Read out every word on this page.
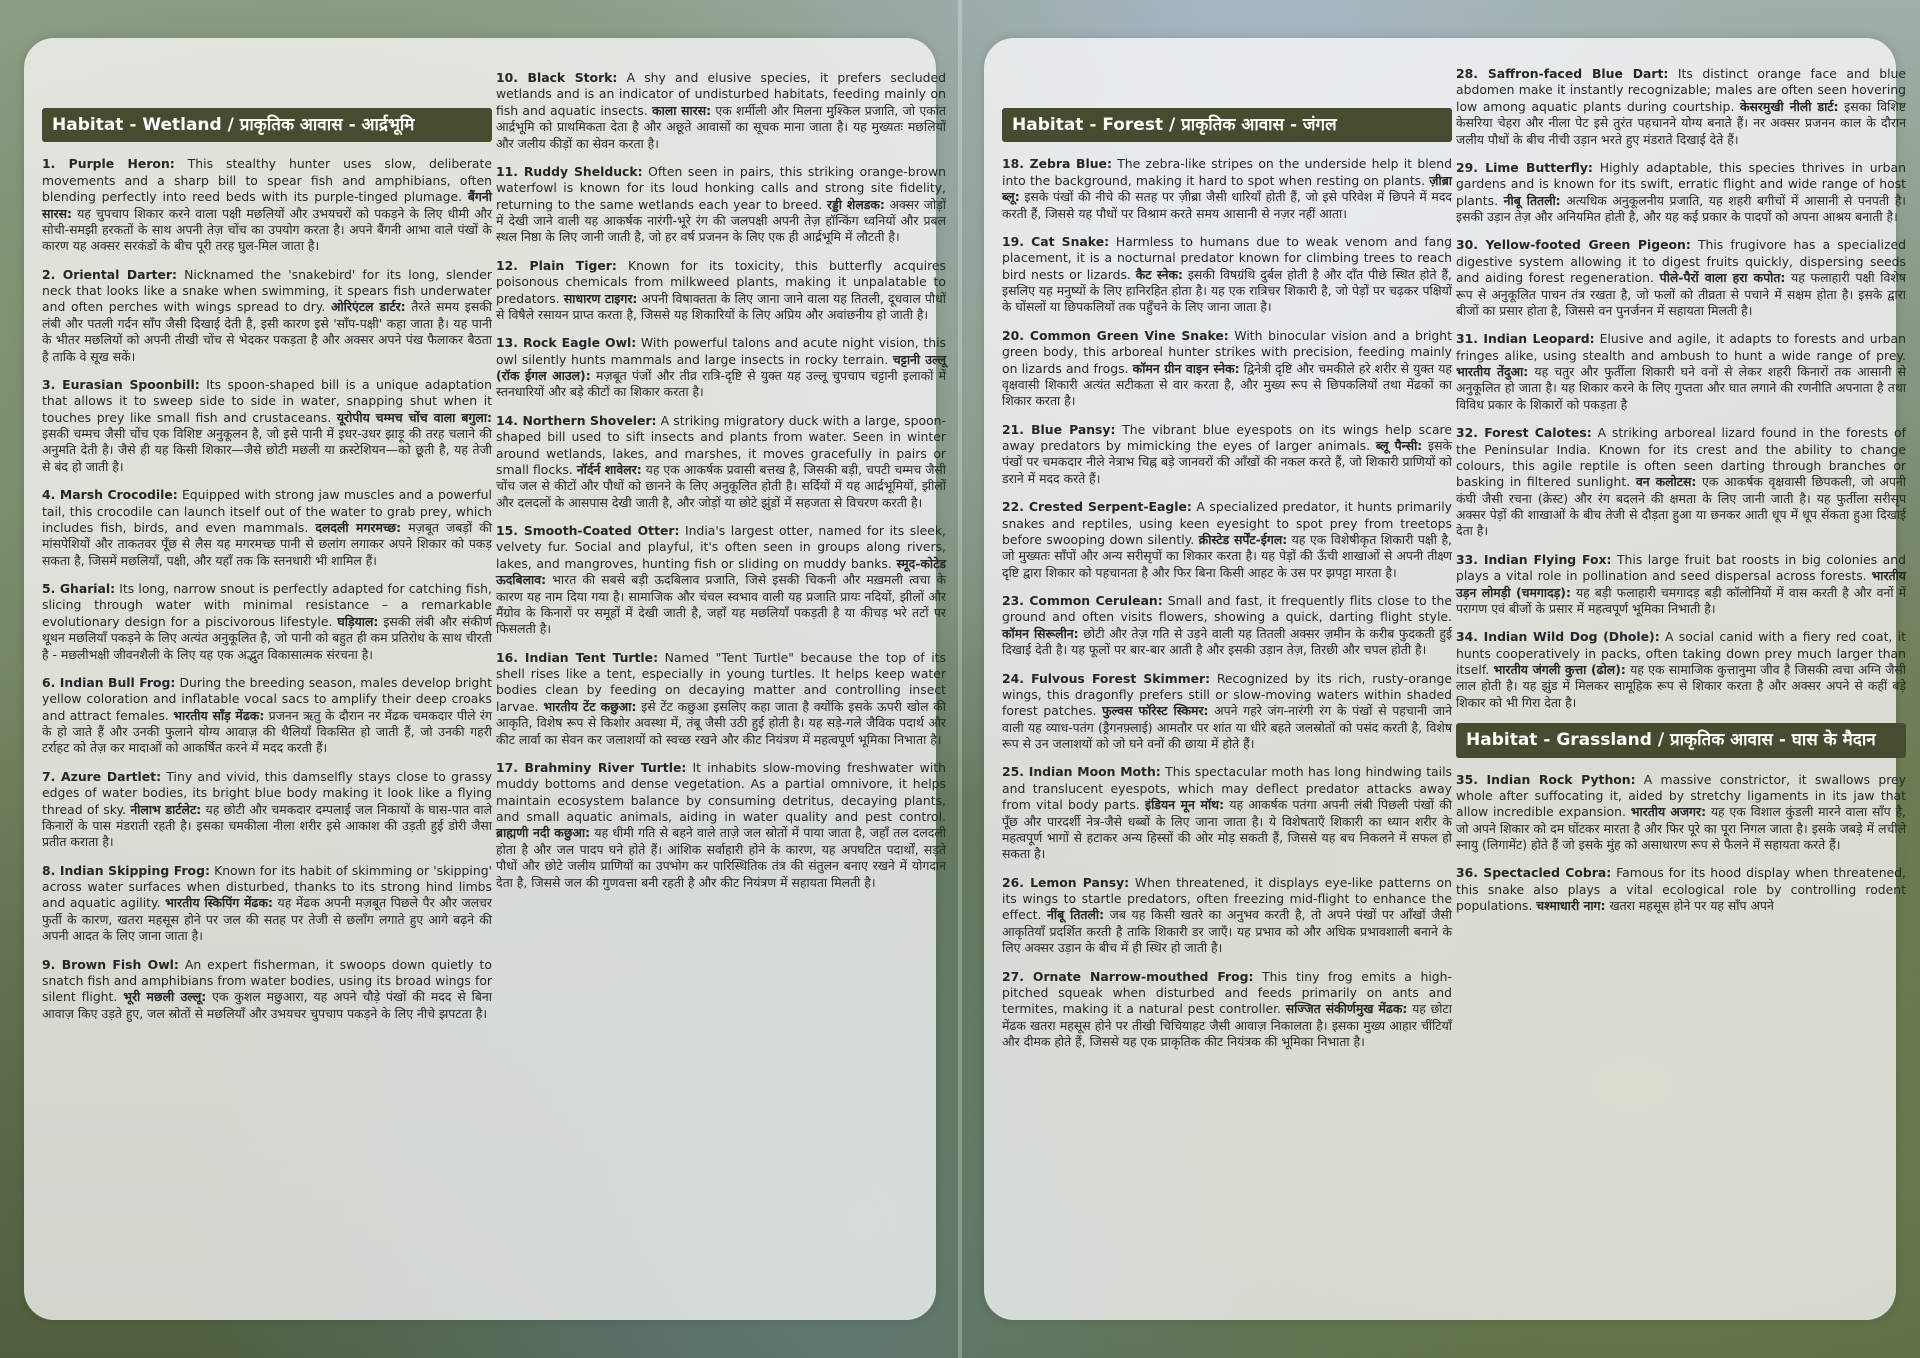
Habitat - Wetland / प्राकृतिक आवास - आर्द्रभूमि

1. Purple Heron: This stealthy hunter uses slow, deliberate movements and a sharp bill to spear fish and amphibians, often blending perfectly into reed beds with its purple-tinged plumage. बैंगनी सारस: यह चुपचाप शिकार करने वाला पक्षी मछलियों और उभयचरों को पकड़ने के लिए धीमी और सोची-समझी हरकतों के साथ अपनी तेज़ चोंच का उपयोग करता है। अपने बैंगनी आभा वाले पंखों के कारण यह अक्सर सरकंडों के बीच पूरी तरह घुल-मिल जाता है।

2. Oriental Darter: Nicknamed the 'snakebird' for its long, slender neck that looks like a snake when swimming, it spears fish underwater and often perches with wings spread to dry. ओरिएंटल डार्टर: तैरते समय इसकी लंबी और पतली गर्दन साँप जैसी दिखाई देती है, इसी कारण इसे 'साँप-पक्षी' कहा जाता है। यह पानी के भीतर मछलियों को अपनी तीखी चोंच से भेदकर पकड़ता है और अक्सर अपने पंख फैलाकर बैठता है ताकि वे सूख सकें।

3. Eurasian Spoonbill: Its spoon-shaped bill is a unique adaptation that allows it to sweep side to side in water, snapping shut when it touches prey like small fish and crustaceans. यूरोपीय चम्मच चोंच वाला बगुला: इसकी चम्मच जैसी चोंच एक विशिष्ट अनुकूलन है, जो इसे पानी में इधर-उधर झाड़ू की तरह चलाने की अनुमति देती है। जैसे ही यह किसी शिकार—जैसे छोटी मछली या क्रस्टेशियन—को छूती है, यह तेजी से बंद हो जाती है।

4. Marsh Crocodile: Equipped with strong jaw muscles and a powerful tail, this crocodile can launch itself out of the water to grab prey, which includes fish, birds, and even mammals. दलदली मगरमच्छ: मज़बूत जबड़ों की मांसपेशियों और ताकतवर पूँछ से लैस यह मगरमच्छ पानी से छलांग लगाकर अपने शिकार को पकड़ सकता है, जिसमें मछलियाँ, पक्षी, और यहाँ तक कि स्तनधारी भी शामिल हैं।

5. Gharial: Its long, narrow snout is perfectly adapted for catching fish, slicing through water with minimal resistance – a remarkable evolutionary design for a piscivorous lifestyle. घड़ियाल: इसकी लंबी और संकीर्ण थूथन मछलियाँ पकड़ने के लिए अत्यंत अनुकूलित है, जो पानी को बहुत ही कम प्रतिरोध के साथ चीरती है - मछलीभक्षी जीवनशैली के लिए यह एक अद्भुत विकासात्मक संरचना है।

6. Indian Bull Frog: During the breeding season, males develop bright yellow coloration and inflatable vocal sacs to amplify their deep croaks and attract females. भारतीय साँड़ मेंढक: प्रजनन ऋतु के दौरान नर मेंढक चमकदार पीले रंग के हो जाते हैं और उनकी फुलाने योग्य आवाज़ की थैलियाँ विकसित हो जाती हैं, जो उनकी गहरी टर्राहट को तेज़ कर मादाओं को आकर्षित करने में मदद करती हैं।

7. Azure Dartlet: Tiny and vivid, this damselfly stays close to grassy edges of water bodies, its bright blue body making it look like a flying thread of sky. नीलाभ डार्टलेट: यह छोटी और चमकदार दम्पलाई जल निकायों के घास-पात वाले किनारों के पास मंडराती रहती है। इसका चमकीला नीला शरीर इसे आकाश की उड़ती हुई डोरी जैसा प्रतीत कराता है।

8. Indian Skipping Frog: Known for its habit of skimming or 'skipping' across water surfaces when disturbed, thanks to its strong hind limbs and aquatic agility. भारतीय स्किपिंग मेंढक: यह मेंढक अपनी मज़बूत पिछले पैर और जलचर फुर्ती के कारण, खतरा महसूस होने पर जल की सतह पर तेजी से छलाँग लगाते हुए आगे बढ़ने की अपनी आदत के लिए जाना जाता है।

9. Brown Fish Owl: An expert fisherman, it swoops down quietly to snatch fish and amphibians from water bodies, using its broad wings for silent flight. भूरी मछली उल्लू: एक कुशल मछुआरा, यह अपने चौड़े पंखों की मदद से बिना आवाज़ किए उड़ते हुए, जल स्रोतों से मछलियाँ और उभयचर चुपचाप पकड़ने के लिए नीचे झपटता है।

10. Black Stork: A shy and elusive species, it prefers secluded wetlands and is an indicator of undisturbed habitats, feeding mainly on fish and aquatic insects. काला सारस: एक शर्मीली और मिलना मुश्किल प्रजाति, जो एकांत आर्द्रभूमि को प्राथमिकता देता है और अछूते आवासों का सूचक माना जाता है। यह मुख्यतः मछलियों और जलीय कीड़ों का सेवन करता है।

11. Ruddy Shelduck: Often seen in pairs, this striking orange-brown waterfowl is known for its loud honking calls and strong site fidelity, returning to the same wetlands each year to breed. रड्डी शेलडक: अक्सर जोड़ों में देखी जाने वाली यह आकर्षक नारंगी-भूरे रंग की जलपक्षी अपनी तेज़ हॉन्किंग ध्वनियों और प्रबल स्थल निष्ठा के लिए जानी जाती है, जो हर वर्ष प्रजनन के लिए एक ही आर्द्रभूमि में लौटती है।

12. Plain Tiger: Known for its toxicity, this butterfly acquires poisonous chemicals from milkweed plants, making it unpalatable to predators. साधारण टाइगर: अपनी विषाक्तता के लिए जाना जाने वाला यह तितली, दूधवाल पौधों से विषैले रसायन प्राप्त करता है, जिससे यह शिकारियों के लिए अप्रिय और अवांछनीय हो जाती है।

13. Rock Eagle Owl: With powerful talons and acute night vision, this owl silently hunts mammals and large insects in rocky terrain. चट्टानी उल्लू (रॉक ईगल आउल): मज़बूत पंजों और तीव्र रात्रि-दृष्टि से युक्त यह उल्लू चुपचाप चट्टानी इलाकों में स्तनधारियों और बड़े कीटों का शिकार करता है।

14. Northern Shoveler: A striking migratory duck with a large, spoon-shaped bill used to sift insects and plants from water. Seen in winter around wetlands, lakes, and marshes, it moves gracefully in pairs or small flocks. नॉर्दर्न शावेलर: यह एक आकर्षक प्रवासी बत्तख है, जिसकी बड़ी, चपटी चम्मच जैसी चोंच जल से कीटों और पौधों को छानने के लिए अनुकूलित होती है। सर्दियों में यह आर्द्रभूमियों, झीलों और दलदलों के आसपास देखी जाती है, और जोड़ों या छोटे झुंडों में सहजता से विचरण करती है।

15. Smooth-Coated Otter: India's largest otter, named for its sleek, velvety fur. Social and playful, it's often seen in groups along rivers, lakes, and mangroves, hunting fish or sliding on muddy banks. स्मूद-कोटेड ऊदबिलाव: भारत की सबसे बड़ी ऊदबिलाव प्रजाति, जिसे इसकी चिकनी और मख़मली त्वचा के कारण यह नाम दिया गया है। सामाजिक और चंचल स्वभाव वाली यह प्रजाति प्रायः नदियों, झीलों और मैंग्रोव के किनारों पर समूहों में देखी जाती है, जहाँ यह मछलियाँ पकड़ती है या कीचड़ भरे तटों पर फिसलती है।

16. Indian Tent Turtle: Named "Tent Turtle" because the top of its shell rises like a tent, especially in young turtles. It helps keep water bodies clean by feeding on decaying matter and controlling insect larvae. भारतीय टेंट कछुआ: इसे टेंट कछुआ इसलिए कहा जाता है क्योंकि इसके ऊपरी खोल की आकृति, विशेष रूप से किशोर अवस्था में, तंबू जैसी उठी हुई होती है। यह सड़े-गले जैविक पदार्थ और कीट लार्वा का सेवन कर जलाशयों को स्वच्छ रखने और कीट नियंत्रण में महत्वपूर्ण भूमिका निभाता है।

17. Brahminy River Turtle: It inhabits slow-moving freshwater with muddy bottoms and dense vegetation. As a partial omnivore, it helps maintain ecosystem balance by consuming detritus, decaying plants, and small aquatic animals, aiding in water quality and pest control. ब्राह्मणी नदी कछुआ: यह धीमी गति से बहने वाले ताज़े जल स्रोतों में पाया जाता है, जहाँ तल दलदली होता है और जल पादप घने होते हैं। आंशिक सर्वाहारी होने के कारण, यह अपघटित पदार्थों, सड़ते पौधों और छोटे जलीय प्राणियों का उपभोग कर पारिस्थितिक तंत्र की संतुलन बनाए रखने में योगदान देता है, जिससे जल की गुणवत्ता बनी रहती है और कीट नियंत्रण में सहायता मिलती है।

Habitat - Forest / प्राकृतिक आवास - जंगल

18. Zebra Blue: The zebra-like stripes on the underside help it blend into the background, making it hard to spot when resting on plants. ज़ीब्रा ब्लू: इसके पंखों की नीचे की सतह पर ज़ीब्रा जैसी धारियाँ होती हैं, जो इसे परिवेश में छिपने में मदद करती हैं, जिससे यह पौधों पर विश्राम करते समय आसानी से नज़र नहीं आता।

19. Cat Snake: Harmless to humans due to weak venom and fang placement, it is a nocturnal predator known for climbing trees to reach bird nests or lizards. कैट स्नेक: इसकी विषग्रंथि दुर्बल होती है और दाँत पीछे स्थित होते हैं, इसलिए यह मनुष्यों के लिए हानिरहित होता है। यह एक रात्रिचर शिकारी है, जो पेड़ों पर चढ़कर पक्षियों के घोंसलों या छिपकलियों तक पहुँचने के लिए जाना जाता है।

20. Common Green Vine Snake: With binocular vision and a bright green body, this arboreal hunter strikes with precision, feeding mainly on lizards and frogs. कॉमन ग्रीन वाइन स्नेक: द्विनेत्री दृष्टि और चमकीले हरे शरीर से युक्त यह वृक्षवासी शिकारी अत्यंत सटीकता से वार करता है, और मुख्य रूप से छिपकलियों तथा मेंढकों का शिकार करता है।

21. Blue Pansy: The vibrant blue eyespots on its wings help scare away predators by mimicking the eyes of larger animals. ब्लू पैन्सी: इसके पंखों पर चमकदार नीले नेत्राभ चिह्न बड़े जानवरों की आँखों की नकल करते हैं, जो शिकारी प्राणियों को डराने में मदद करते हैं।

22. Crested Serpent-Eagle: A specialized predator, it hunts primarily snakes and reptiles, using keen eyesight to spot prey from treetops before swooping down silently. क्रीस्टेड सर्पेंट-ईगल: यह एक विशेषीकृत शिकारी पक्षी है, जो मुख्यतः साँपों और अन्य सरीसृपों का शिकार करता है। यह पेड़ों की ऊँची शाखाओं से अपनी तीक्ष्ण दृष्टि द्वारा शिकार को पहचानता है और फिर बिना किसी आहट के उस पर झपट्टा मारता है।

23. Common Cerulean: Small and fast, it frequently flits close to the ground and often visits flowers, showing a quick, darting flight style. कॉमन सिरूलीन: छोटी और तेज़ गति से उड़ने वाली यह तितली अक्सर ज़मीन के करीब फुदकती हुई दिखाई देती है। यह फूलों पर बार-बार आती है और इसकी उड़ान तेज़, तिरछी और चपल होती है।

24. Fulvous Forest Skimmer: Recognized by its rich, rusty-orange wings, this dragonfly prefers still or slow-moving waters within shaded forest patches. फुल्वस फॉरेस्ट स्किमर: अपने गहरे जंग-नारंगी रंग के पंखों से पहचानी जाने वाली यह व्याध-पतंग (ड्रैगनफ़्लाई) आमतौर पर शांत या धीरे बहते जलस्रोतों को पसंद करती है, विशेष रूप से उन जलाशयों को जो घने वनों की छाया में होते हैं।

25. Indian Moon Moth: This spectacular moth has long hindwing tails and translucent eyespots, which may deflect predator attacks away from vital body parts. इंडियन मून मॉथ: यह आकर्षक पतंगा अपनी लंबी पिछली पंखों की पूँछ और पारदर्शी नेत्र-जैसे धब्बों के लिए जाना जाता है। ये विशेषताएँ शिकारी का ध्यान शरीर के महत्वपूर्ण भागों से हटाकर अन्य हिस्सों की ओर मोड़ सकती हैं, जिससे यह बच निकलने में सफल हो सकता है।

26. Lemon Pansy: When threatened, it displays eye-like patterns on its wings to startle predators, often freezing mid-flight to enhance the effect. नींबू तितली: जब यह किसी खतरे का अनुभव करती है, तो अपने पंखों पर आँखों जैसी आकृतियाँ प्रदर्शित करती है ताकि शिकारी डर जाएँ। यह प्रभाव को और अधिक प्रभावशाली बनाने के लिए अक्सर उड़ान के बीच में ही स्थिर हो जाती है।

27. Ornate Narrow-mouthed Frog: This tiny frog emits a high-pitched squeak when disturbed and feeds primarily on ants and termites, making it a natural pest controller. सज्जित संकीर्णमुख मेंढक: यह छोटा मेंढक खतरा महसूस होने पर तीखी चिचियाहट जैसी आवाज़ निकालता है। इसका मुख्य आहार चींटियाँ और दीमक होते हैं, जिससे यह एक प्राकृतिक कीट नियंत्रक की भूमिका निभाता है।

28. Saffron-faced Blue Dart: Its distinct orange face and blue abdomen make it instantly recognizable; males are often seen hovering low among aquatic plants during courtship. केसरमुखी नीली डार्ट: इसका विशिष्ट केसरिया चेहरा और नीला पेट इसे तुरंत पहचानने योग्य बनाते हैं। नर अक्सर प्रजनन काल के दौरान जलीय पौधों के बीच नीची उड़ान भरते हुए मंडराते दिखाई देते हैं।

29. Lime Butterfly: Highly adaptable, this species thrives in urban gardens and is known for its swift, erratic flight and wide range of host plants. नीबू तितली: अत्यधिक अनुकूलनीय प्रजाति, यह शहरी बगीचों में आसानी से पनपती है। इसकी उड़ान तेज़ और अनियमित होती है, और यह कई प्रकार के पादपों को अपना आश्रय बनाती है।

30. Yellow-footed Green Pigeon: This frugivore has a specialized digestive system allowing it to digest fruits quickly, dispersing seeds and aiding forest regeneration. पीले-पैरों वाला हरा कपोत: यह फलाहारी पक्षी विशेष रूप से अनुकूलित पाचन तंत्र रखता है, जो फलों को तीव्रता से पचाने में सक्षम होता है। इसके द्वारा बीजों का प्रसार होता है, जिससे वन पुनर्जनन में सहायता मिलती है।

31. Indian Leopard: Elusive and agile, it adapts to forests and urban fringes alike, using stealth and ambush to hunt a wide range of prey. भारतीय तेंदुआ: यह चतुर और फुर्तीला शिकारी घने वनों से लेकर शहरी किनारों तक आसानी से अनुकूलित हो जाता है। यह शिकार करने के लिए गुप्तता और घात लगाने की रणनीति अपनाता है तथा विविध प्रकार के शिकारों को पकड़ता है

32. Forest Calotes: A striking arboreal lizard found in the forests of the Peninsular India. Known for its crest and the ability to change colours, this agile reptile is often seen darting through branches or basking in filtered sunlight. वन कलोटस: एक आकर्षक वृक्षवासी छिपकली, जो अपनी कंघी जैसी रचना (क्रेस्ट) और रंग बदलने की क्षमता के लिए जानी जाती है। यह फुर्तीला सरीसृप अक्सर पेड़ों की शाखाओं के बीच तेजी से दौड़ता हुआ या छनकर आती धूप में धूप सेंकता हुआ दिखाई देता है।

33. Indian Flying Fox: This large fruit bat roosts in big colonies and plays a vital role in pollination and seed dispersal across forests. भारतीय उड़न लोमड़ी (चमगादड़): यह बड़ी फलाहारी चमगादड़ बड़ी कॉलोनियों में वास करती है और वनों में परागण एवं बीजों के प्रसार में महत्वपूर्ण भूमिका निभाती है।

34. Indian Wild Dog (Dhole): A social canid with a fiery red coat, it hunts cooperatively in packs, often taking down prey much larger than itself. भारतीय जंगली कुत्ता (ढोल): यह एक सामाजिक कुत्तानुमा जीव है जिसकी त्वचा अग्नि जैसी लाल होती है। यह झुंड में मिलकर सामूहिक रूप से शिकार करता है और अक्सर अपने से कहीं बड़े शिकार को भी गिरा देता है।

Habitat - Grassland / प्राकृतिक आवास - घास के मैदान

35. Indian Rock Python: A massive constrictor, it swallows prey whole after suffocating it, aided by stretchy ligaments in its jaw that allow incredible expansion. भारतीय अजगर: यह एक विशाल कुंडली मारने वाला साँप है, जो अपने शिकार को दम घोंटकर मारता है और फिर पूरे का पूरा निगल जाता है। इसके जबड़े में लचीले स्नायु (लिगामेंट) होते हैं जो इसके मुंह को असाधारण रूप से फैलने में सहायता करते हैं।

36. Spectacled Cobra: Famous for its hood display when threatened, this snake also plays a vital ecological role by controlling rodent populations. चश्माधारी नाग: खतरा महसूस होने पर यह साँप अपने
